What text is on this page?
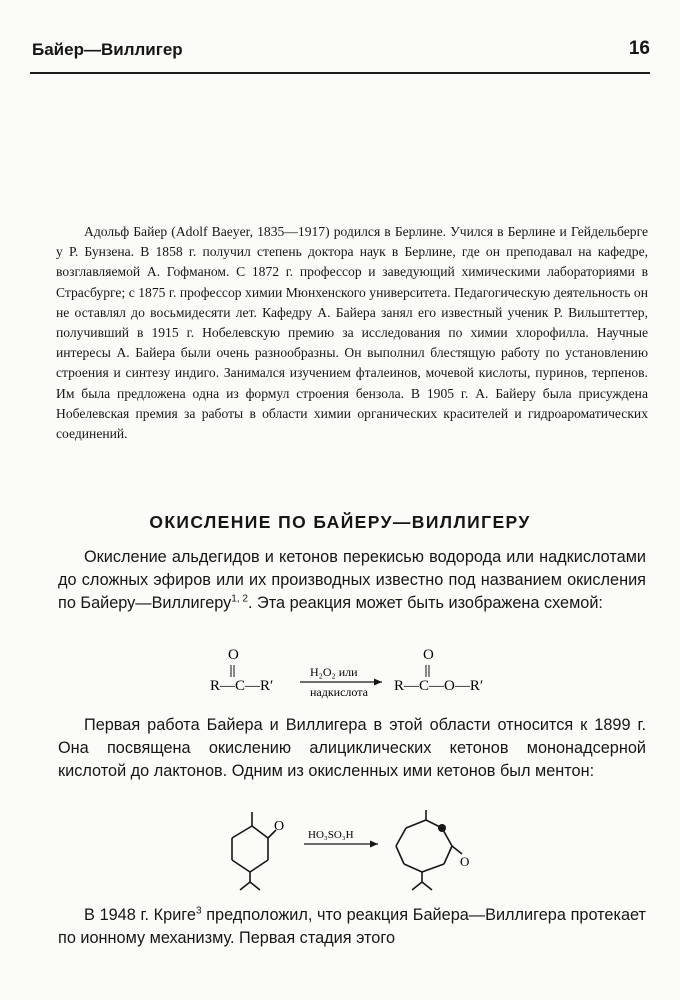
Байер—Виллигер	16

Адольф Байер (Adolf Baeyer, 1835—1917) родился в Берлине. Учился в Берлине и Гейдельберге у Р. Бунзена. В 1858 г. получил степень доктора наук в Берлине, где он преподавал на кафедре, возглавляемой А. Гофманом. С 1872 г. профессор и заведующий химическими лабораториями в Страсбурге; с 1875 г. профессор химии Мюнхенского университета. Педагогическую деятельность он не оставлял до восьмидесяти лет. Кафедру А. Байера занял его известный ученик Р. Вильштеттер, получивший в 1915 г. Нобелевскую премию за исследования по химии хлорофилла. Научные интересы А. Байера были очень разнообразны. Он выполнил блестящую работу по установлению строения и синтезу индиго. Занимался изучением фталеинов, мочевой кислоты, пуринов, терпенов. Им была предложена одна из формул строения бензола. В 1905 г. А. Байеру была присуждена Нобелевская премия за работы в области химии органических красителей и гидроароматических соединений.

ОКИСЛЕНИЕ ПО БАЙЕРУ—ВИЛЛИГЕРУ

Окисление альдегидов и кетонов перекисью водорода или надкислотами до сложных эфиров или их производных известно под названием окисления по Байеру—Виллигеру$^{1, 2}$. Эта реакция может быть изображена схемой:

O
R—C—R′
H₂O₂ или
надкислота
O
R—C—O—R′

Первая работа Байера и Виллигера в этой области относится к 1899 г. Она посвящена окислению алициклических кетонов мононадсерной кислотой до лактонов. Одним из окисленных ими кетонов был ментон:

O
HO₃SO₃H
O

В 1948 г. Криге$^3$ предположил, что реакция Байера—Виллигера протекает по ионному механизму. Первая стадия этого
